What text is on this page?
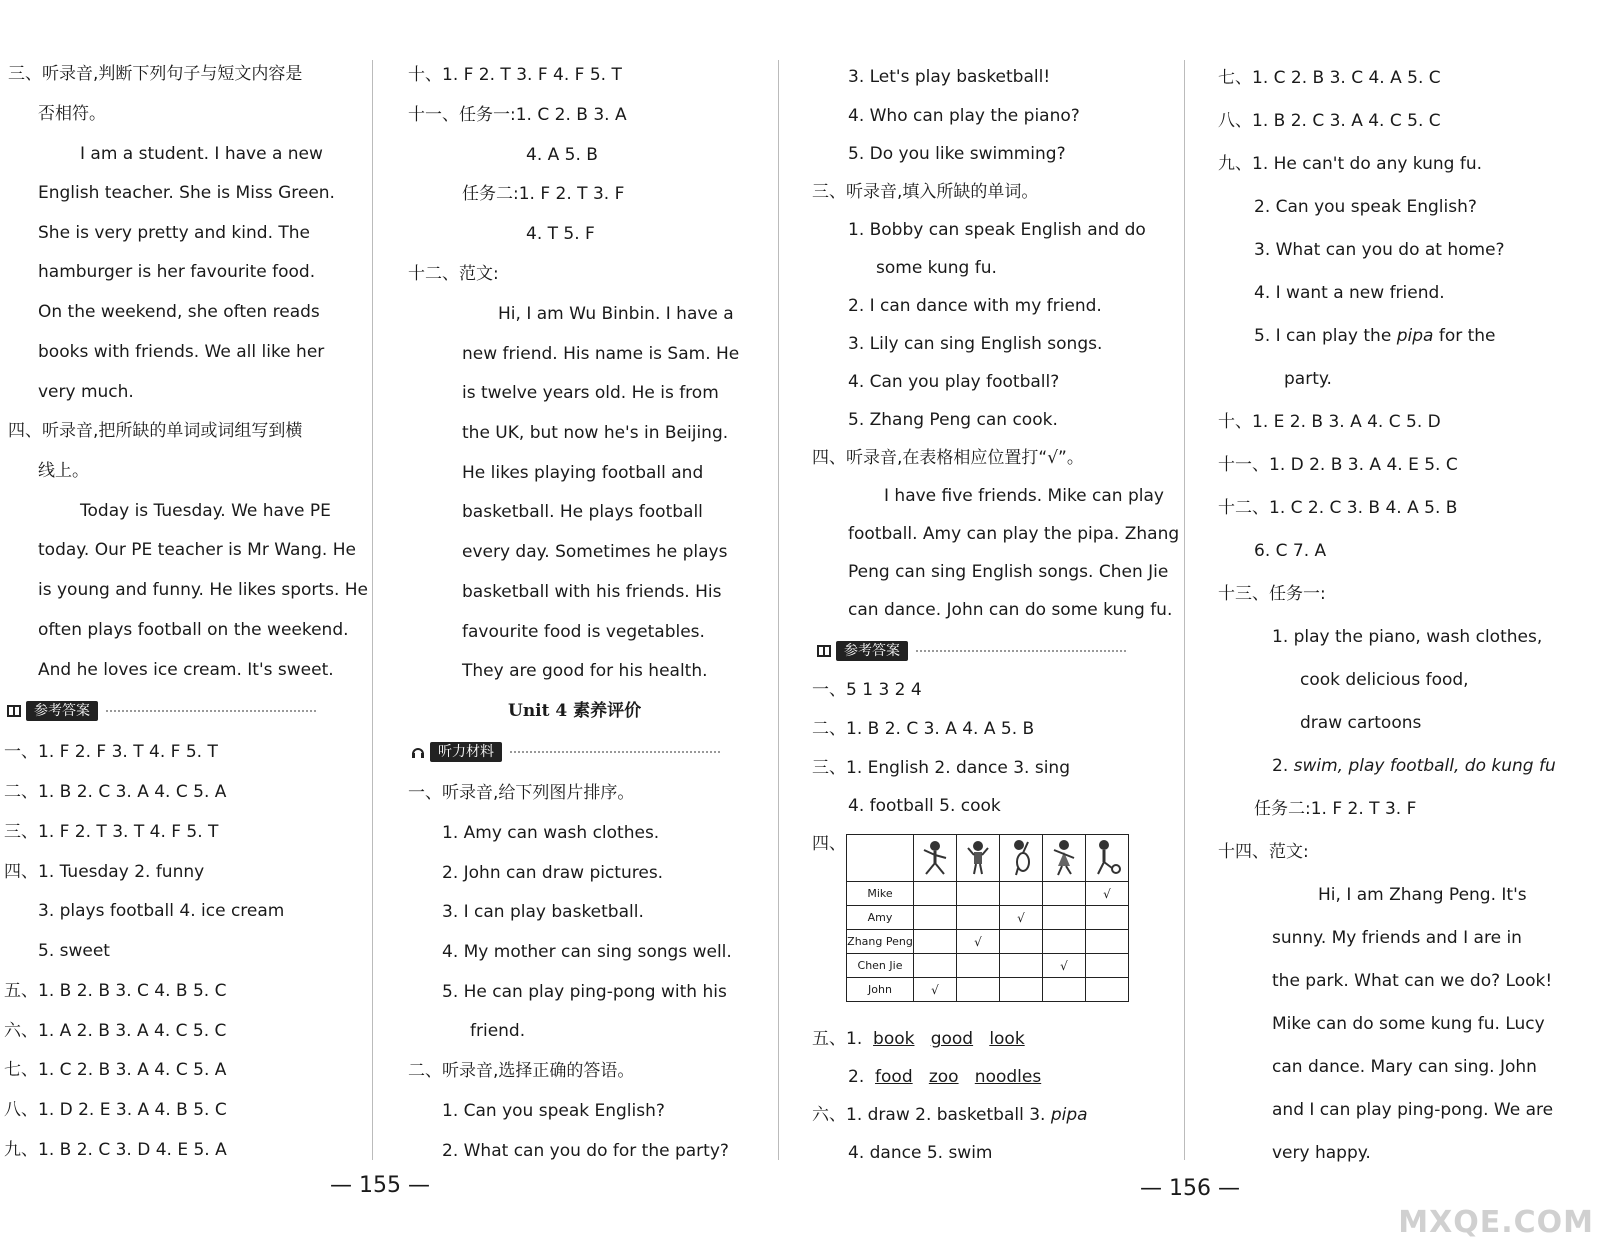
三、听录音,判断下列句子与短文内容是
否相符。
I am a student. I have a new
English teacher. She is Miss Green.
She is very pretty and kind. The
hamburger is her favourite food.
On the weekend, she often reads
books with friends. We all like her
very much.
四、听录音,把所缺的单词或词组写到横
线上。
Today is Tuesday. We have PE
today. Our PE teacher is Mr Wang. He
is young and funny. He likes sports. He
often plays football on the weekend.
And he loves ice cream. It's sweet.
参考答案
一、1. F 2. F 3. T 4. F 5. T
二、1. B 2. C 3. A 4. C 5. A
三、1. F 2. T 3. T 4. F 5. T
四、1. Tuesday 2. funny
3. plays football 4. ice cream
5. sweet
五、1. B 2. B 3. C 4. B 5. C
六、1. A 2. B 3. A 4. C 5. C
七、1. C 2. B 3. A 4. C 5. A
八、1. D 2. E 3. A 4. B 5. C
九、1. B 2. C 3. D 4. E 5. A
十、1. F 2. T 3. F 4. F 5. T
十一、任务一:1. C 2. B 3. A
4. A 5. B
任务二:1. F 2. T 3. F
4. T 5. F
十二、范文:
Hi, I am Wu Binbin. I have a
new friend. His name is Sam. He
is twelve years old. He is from
the UK, but now he's in Beijing.
He likes playing football and
basketball. He plays football
every day. Sometimes he plays
basketball with his friends. His
favourite food is vegetables.
They are good for his health.
Unit 4 素养评价
听力材料
一、听录音,给下列图片排序。
1. Amy can wash clothes.
2. John can draw pictures.
3. I can play basketball.
4. My mother can sing songs well.
5. He can play ping-pong with his
friend.
二、听录音,选择正确的答语。
1. Can you speak English?
2. What can you do for the party?
— 155 —
3. Let's play basketball!
4. Who can play the piano?
5. Do you like swimming?
三、听录音,填入所缺的单词。
1. Bobby can speak English and do
some kung fu.
2. I can dance with my friend.
3. Lily can sing English songs.
4. Can you play football?
5. Zhang Peng can cook.
四、听录音,在表格相应位置打“√”。
I have five friends. Mike can play
football. Amy can play the pipa. Zhang
Peng can sing English songs. Chen Jie
can dance. John can do some kung fu.
参考答案
一、5 1 3 2 4
二、1. B 2. C 3. A 4. A 5. B
三、1. English 2. dance 3. sing
4. football 5. cook
四、

Mike					√
Amy			√		
Zhang Peng		√			
Chen Jie				√	
John	√				
五、1. book good look
2. food zoo noodles
六、1. draw 2. basketball 3. pipa
4. dance 5. swim
七、1. C 2. B 3. C 4. A 5. C
八、1. B 2. C 3. A 4. C 5. C
九、1. He can't do any kung fu.
2. Can you speak English?
3. What can you do at home?
4. I want a new friend.
5. I can play the pipa for the
party.
十、1. E 2. B 3. A 4. C 5. D
十一、1. D 2. B 3. A 4. E 5. C
十二、1. C 2. C 3. B 4. A 5. B
6. C 7. A
十三、任务一:
1. play the piano, wash clothes,
cook delicious food,
draw cartoons
2. swim, play football, do kung fu
任务二:1. F 2. T 3. F
十四、范文:
Hi, I am Zhang Peng. It's
sunny. My friends and I are in
the park. What can we do? Look!
Mike can do some kung fu. Lucy
can dance. Mary can sing. John
and I can play ping-pong. We are
very happy.
— 156 —
MXQE.COM
